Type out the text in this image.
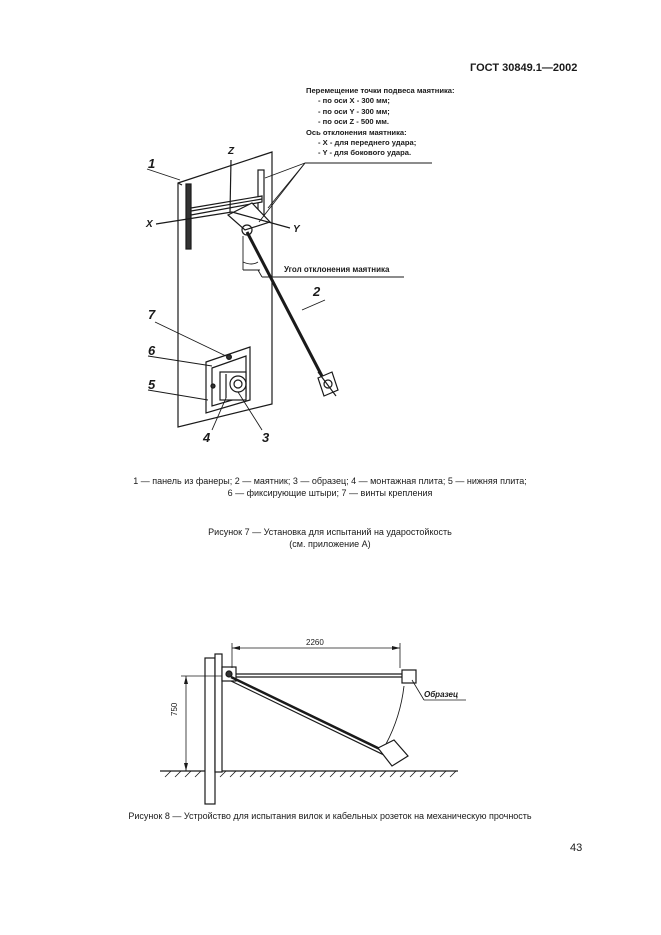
ГОСТ 30849.1—2002
Перемещение точки подвеса маятника:
- по оси X - 300 мм;
- по оси Y - 300 мм;
- по оси Z - 500 мм.
Ось отклонения маятника:
- X - для переднего удара;
- Y - для бокового удара.
Z
X	Y
Угол отклонения маятника
1
2
3
4
5
6
7
1 — панель из фанеры; 2 — маятник; 3 — образец; 4 — монтажная плита; 5 — нижняя плита;
6 — фиксирующие штыри; 7 — винты крепления
Рисунок 7 — Установка для испытаний на ударостойкость
(см. приложение А)
2260
750
Образец
Рисунок 8 — Устройство для испытания вилок и кабельных розеток на механическую прочность
43
